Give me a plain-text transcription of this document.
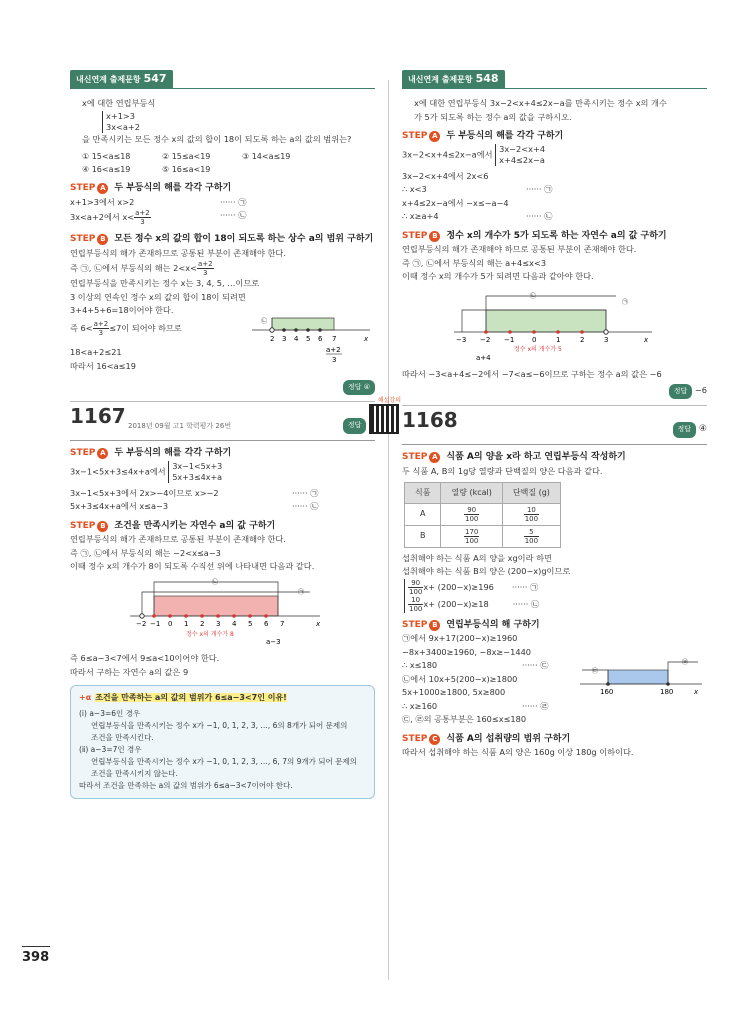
내신연계 출제문항 547
x에 대한 연립부등식
x+1>3
3x<a+2
을 만족시키는 모든 정수 x의 값의 합이 18이 되도록 하는 a의 값의 범위는?
① 15<a≤18	② 15≤a<19	③ 14<a≤19
④ 16<a≤19	⑤ 16≤a<19
STEP A 두 부등식의 해를 각각 구하기
x+1>3에서 x>2	······ ㉠
3x<a+2에서 $x< \frac{a+2}{3}$	······ ㉡
STEP B 모든 정수 x의 값의 합이 18이 되도록 하는 상수 a의 범위 구하기
연립부등식의 해가 존재하므로 공통된 부분이 존재해야 한다.
즉 ㉠, ㉡에서 부등식의 해는 $2<x< \frac{a+2}{3}$
연립부등식을 만족시키는 정수 x는 3, 4, 5, …이므로
3 이상의 연속인 정수 x의 값의 합이 18이 되려면
3+4+5+6=18이어야 한다.
즉 $6< \frac{a+2}{3} \le 7$이 되어야 하므로
18<a+2≤21
따라서 16<a≤19
㉡
2 3 4 5 6 7	x
a+2
3
정답 ④
1167 2018년 09월 고1 학력평가 26번	정답
해설강의
STEP A 두 부등식의 해를 각각 구하기
3x−1<5x+3≤4x+a에서 3x−1<5x+3
5x+3≤4x+a
3x−1<5x+3에서 2x>−4이므로 x>−2	······ ㉠
5x+3≤4x+a에서 x≤a−3	······ ㉡
STEP B 조건을 만족시키는 자연수 a의 값 구하기
연립부등식의 해가 존재하므로 공통된 부분이 존재해야 한다.
즉 ㉠, ㉡에서 부등식의 해는 −2<x≤a−3
이때 정수 x의 개수가 8이 되도록 수직선 위에 나타내면 다음과 같다.
㉡
㉠
−2 −1 0 1 2 3 4 5 6 7	x
정수 x의 개수가 8
a−3
즉 6≤a−3<7에서 9≤a<10이어야 한다.
따라서 구하는 자연수 a의 값은 9
+α 조건을 만족하는 a의 값의 범위가 6≤a−3<7인 이유!
(ⅰ) a−3=6인 경우
연립부등식을 만족시키는 정수 x가 −1, 0, 1, 2, 3, …, 6의 8개가 되어 문제의
조건을 만족시킨다.
(ⅱ) a−3=7인 경우
연립부등식을 만족시키는 정수 x가 −1, 0, 1, 2, 3, …, 6, 7의 9개가 되어 문제의
조건을 만족시키지 않는다.
따라서 조건을 만족하는 a의 값의 범위가 6≤a−3<7이어야 한다.
내신연계 출제문항 548
x에 대한 연립부등식 3x−2<x+4≤2x−a를 만족시키는 정수 x의 개수
가 5가 되도록 하는 정수 a의 값을 구하시오.
STEP A 두 부등식의 해를 각각 구하기
3x−2<x+4≤2x−a에서
3x−2<x+4
x+4≤2x−a
3x−2<x+4에서 2x<6
∴ x<3	······ ㉠
x+4≤2x−a에서 −x≤−a−4
∴ x≥a+4	······ ㉡
STEP B 정수 x의 개수가 5가 되도록 하는 자연수 a의 값 구하기
연립부등식의 해가 존재해야 하므로 공통된 부분이 존재해야 한다.
즉 ㉠, ㉡에서 부등식의 해는 a+4≤x<3
이때 정수 x의 개수가 5가 되려면 다음과 같아야 한다.
㉡
㉠
−3 −2 −1	0	1	2	3	x
정수 x의 개수가 5
a+4
따라서 −3<a+4≤−2에서 −7<a≤−6이므로 구하는 정수 a의 값은 −6
정답 −6
1168	정답 ④
STEP A 식품 A의 양을 x라 하고 연립부등식 작성하기
두 식품 A, B의 1g당 열량과 단백질의 양은 다음과 같다.
식품	열량 (kcal)	단백질 (g)
A	$\frac{90}{100}$	$\frac{10}{100}$

B	$\frac{170}{100}$	$\frac{5}{100}$
섭취해야 하는 식품 A의 양을 xg이라 하면
섭취해야 하는 식품 B의 양은 (200−x)g이므로
$\frac{90}{100} x+ (200-x)\ge 196$ ······ ㉠
$\frac{10}{100} x+ (200-x)\ge 18$	······ ㉡
STEP B 연립부등식의 해 구하기
㉠에서 9x+17(200−x)≥1960
−8x+3400≥1960, −8x≥−1440
∴ x≤180	······ ㉢
㉡에서 10x+5(200−x)≥1800
5x+1000≥1800, 5x≥800
∴ x≥160	······ ㉣
㉢, ㉣의 공통부분은 160≤x≤180
㉣
㉢
160	180	x
STEP C 식품 A의 섭취량의 범위 구하기
따라서 섭취해야 하는 식품 A의 양은 160g 이상 180g 이하이다.
398
